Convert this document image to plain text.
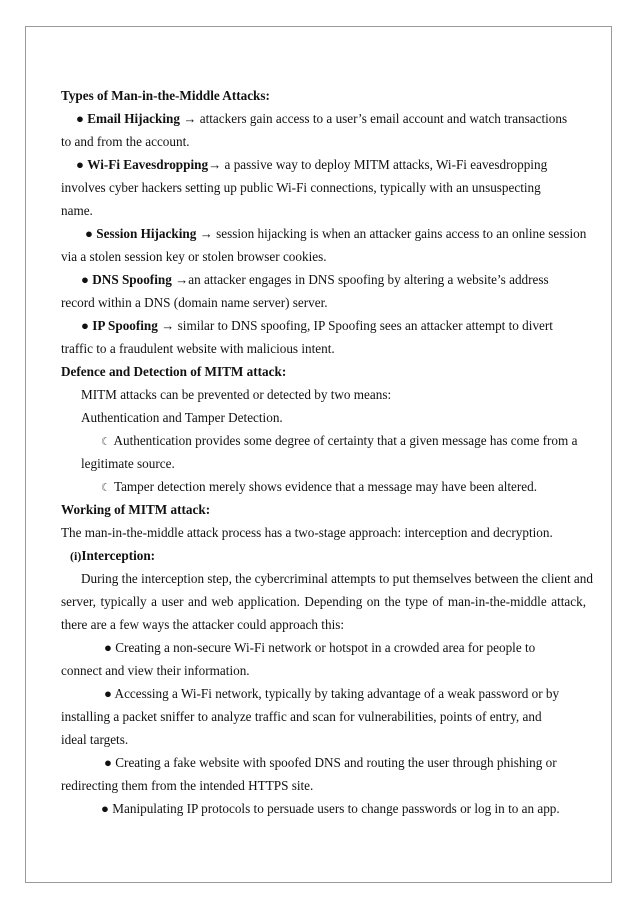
Types of Man-in-the-Middle Attacks:
● Email Hijacking → attackers gain access to a user’s email account and watch transactions
to and from the account.
● Wi-Fi Eavesdropping→ a passive way to deploy MITM attacks, Wi-Fi eavesdropping
involves cyber hackers setting up public Wi-Fi connections, typically with an unsuspecting
name.
● Session Hijacking → session hijacking is when an attacker gains access to an online session
via a stolen session key or stolen browser cookies.
● DNS Spoofing →an attacker engages in DNS spoofing by altering a website’s address
record within a DNS (domain name server) server.
● IP Spoofing → similar to DNS spoofing, IP Spoofing sees an attacker attempt to divert
traffic to a fraudulent website with malicious intent.
Defence and Detection of MITM attack:
MITM attacks can be prevented or detected by two means:
Authentication and Tamper Detection.
☾ Authentication provides some degree of certainty that a given message has come from a
legitimate source.
☾ Tamper detection merely shows evidence that a message may have been altered.
Working of MITM attack:
The man-in-the-middle attack process has a two-stage approach: interception and decryption.
(i)Interception:
During the interception step, the cybercriminal attempts to put themselves between the client and
server, typically a user and web application. Depending on the type of man-in-the-middle attack,
there are a few ways the attacker could approach this:
● Creating a non-secure Wi-Fi network or hotspot in a crowded area for people to
connect and view their information.
● Accessing a Wi-Fi network, typically by taking advantage of a weak password or by
installing a packet sniffer to analyze traffic and scan for vulnerabilities, points of entry, and
ideal targets.
● Creating a fake website with spoofed DNS and routing the user through phishing or
redirecting them from the intended HTTPS site.
● Manipulating IP protocols to persuade users to change passwords or log in to an app.
